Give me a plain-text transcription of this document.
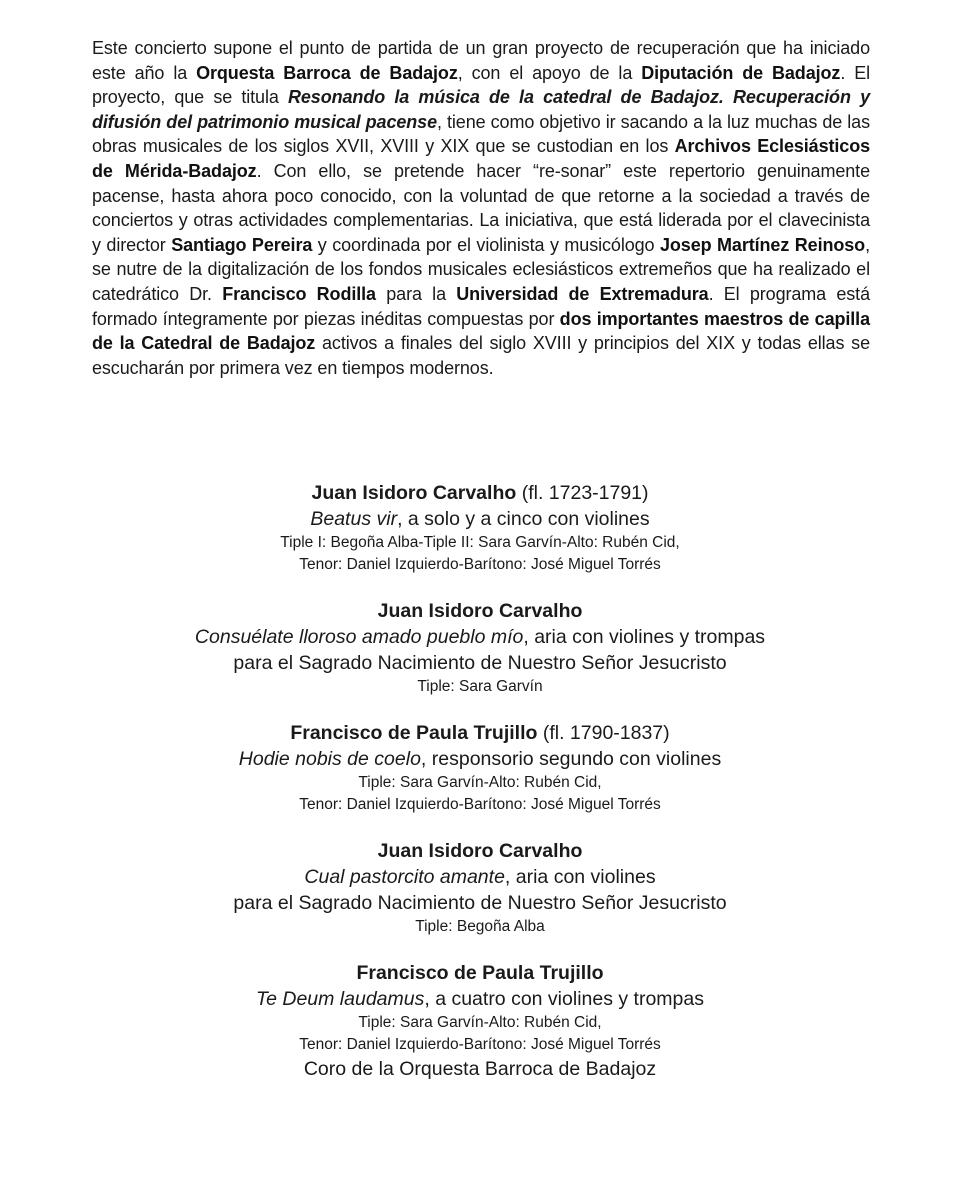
Este concierto supone el punto de partida de un gran proyecto de recuperación que ha iniciado este año la Orquesta Barroca de Badajoz, con el apoyo de la Diputación de Badajoz. El proyecto, que se titula Resonando la música de la catedral de Badajoz. Recuperación y difusión del patrimonio musical pacense, tiene como objetivo ir sacando a la luz muchas de las obras musicales de los siglos XVII, XVIII y XIX que se custodian en los Archivos Eclesiásticos de Mérida-Badajoz. Con ello, se pretende hacer “re-sonar” este repertorio genuinamente pacense, hasta ahora poco conocido, con la voluntad de que retorne a la sociedad a través de conciertos y otras actividades complementarias. La iniciativa, que está liderada por el clavecinista y director Santiago Pereira y coordinada por el violinista y musicólogo Josep Martínez Reinoso, se nutre de la digitalización de los fondos musicales eclesiásticos extremeños que ha realizado el catedrático Dr. Francisco Rodilla para la Universidad de Extremadura. El programa está formado íntegramente por piezas inéditas compuestas por dos importantes maestros de capilla de la Catedral de Badajoz activos a finales del siglo XVIII y principios del XIX y todas ellas se escucharán por primera vez en tiempos modernos.

Juan Isidoro Carvalho (fl. 1723-1791)
Beatus vir, a solo y a cinco con violines
Tiple I: Begoña Alba-Tiple II: Sara Garvín-Alto: Rubén Cid,
Tenor: Daniel Izquierdo-Barítono: José Miguel Torrés
Juan Isidoro Carvalho
Consuélate lloroso amado pueblo mío, aria con violines y trompas
para el Sagrado Nacimiento de Nuestro Señor Jesucristo
Tiple: Sara Garvín
Francisco de Paula Trujillo (fl. 1790-1837)
Hodie nobis de coelo, responsorio segundo con violines
Tiple: Sara Garvín-Alto: Rubén Cid,
Tenor: Daniel Izquierdo-Barítono: José Miguel Torrés
Juan Isidoro Carvalho
Cual pastorcito amante, aria con violines
para el Sagrado Nacimiento de Nuestro Señor Jesucristo
Tiple: Begoña Alba
Francisco de Paula Trujillo
Te Deum laudamus, a cuatro con violines y trompas
Tiple: Sara Garvín-Alto: Rubén Cid,
Tenor: Daniel Izquierdo-Barítono: José Miguel Torrés
Coro de la Orquesta Barroca de Badajoz
